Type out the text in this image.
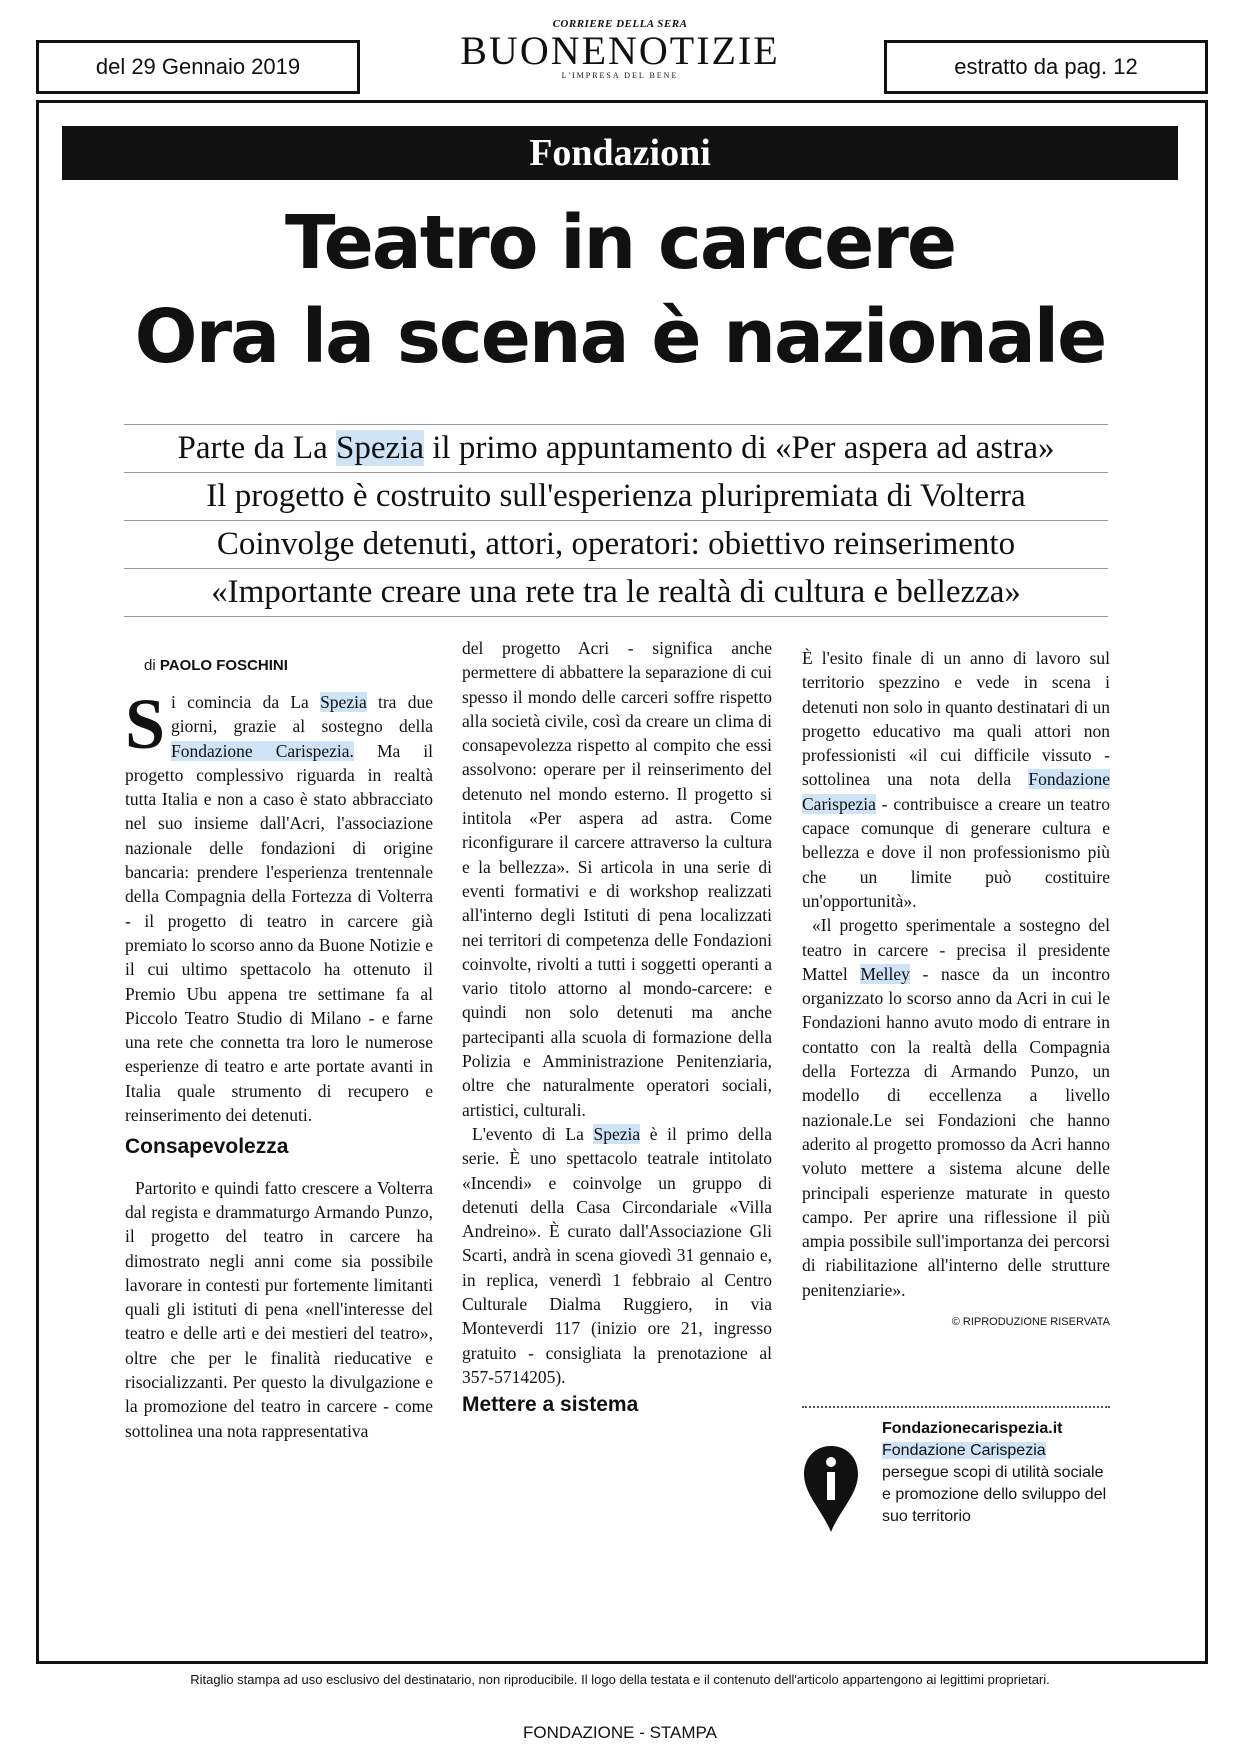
del 29 Gennaio 2019
CORRIERE DELLA SERA
BUONENOTIZIE
L'IMPRESA DEL BENE	estratto da pag. 12
Fondazioni
Teatro in carcere
Ora la scena è nazionale
Parte da La Spezia il primo appuntamento di «Per aspera ad astra»
Il progetto è costruito sull'esperienza pluripremiata di Volterra
Coinvolge detenuti, attori, operatori: obiettivo reinserimento
«Importante creare una rete tra le realtà di cultura e bellezza»
di PAOLO FOSCHINI

Si comincia da La Spezia tra due giorni, grazie al sostegno della Fondazione Carispezia. Ma il progetto complessivo riguarda in realtà tutta Italia e non a caso è stato abbracciato nel suo insieme dall'Acri, l'associazione nazionale delle fondazioni di origine bancaria: prendere l'esperienza trentennale della Compagnia della Fortezza di Volterra - il progetto di teatro in carcere già premiato lo scorso anno da Buone Notizie e il cui ultimo spettacolo ha ottenuto il Premio Ubu appena tre settimane fa al Piccolo Teatro Studio di Milano - e farne una rete che connetta tra loro le numerose esperienze di teatro e arte portate avanti in Italia quale strumento di recupero e reinserimento dei detenuti.

Consapevolezza

Partorito e quindi fatto crescere a Volterra dal regista e drammaturgo Armando Punzo, il progetto del teatro in carcere ha dimostrato negli anni come sia possibile lavorare in contesti pur fortemente limitanti quali gli istituti di pena «nell'interesse del teatro e delle arti e dei mestieri del teatro», oltre che per le finalità rieducative e risocializzanti. Per questo la divulgazione e la promozione del teatro in carcere - come sottolinea una nota rappresentativa

del progetto Acri - significa anche permettere di abbattere la separazione di cui spesso il mondo delle carceri soffre rispetto alla società civile, così da creare un clima di consapevolezza rispetto al compito che essi assolvono: operare per il reinserimento del detenuto nel mondo esterno. Il progetto si intitola «Per aspera ad astra. Come riconfigurare il carcere attraverso la cultura e la bellezza». Si articola in una serie di eventi formativi e di workshop realizzati all'interno degli Istituti di pena localizzati nei territori di competenza delle Fondazioni coinvolte, rivolti a tutti i soggetti operanti a vario titolo attorno al mondo-carcere: e quindi non solo detenuti ma anche partecipanti alla scuola di formazione della Polizia e Amministrazione Penitenziaria, oltre che naturalmente operatori sociali, artistici, culturali.

L'evento di La Spezia è il primo della serie. È uno spettacolo teatrale intitolato «Incendi» e coinvolge un gruppo di detenuti della Casa Circondariale «Villa Andreino». È curato dall'Associazione Gli Scarti, andrà in scena giovedì 31 gennaio e, in replica, venerdì 1 febbraio al Centro Culturale Dialma Ruggiero, in via Monteverdi 117 (inizio ore 21, ingresso gratuito - consigliata la prenotazione al 357-5714205).

Mettere a sistema

È l'esito finale di un anno di lavoro sul territorio spezzino e vede in scena i detenuti non solo in quanto destinatari di un progetto educativo ma quali attori non professionisti «il cui difficile vissuto - sottolinea una nota della Fondazione Carispezia - contribuisce a creare un teatro capace comunque di generare cultura e bellezza e dove il non professionismo più che un limite può costituire un'opportunità».

«Il progetto sperimentale a sostegno del teatro in carcere - precisa il presidente Mattel Melley - nasce da un incontro organizzato lo scorso anno da Acri in cui le Fondazioni hanno avuto modo di entrare in contatto con la realtà della Compagnia della Fortezza di Armando Punzo, un modello di eccellenza a livello nazionale.Le sei Fondazioni che hanno aderito al progetto promosso da Acri hanno voluto mettere a sistema alcune delle principali esperienze maturate in questo campo. Per aprire una riflessione il più ampia possibile sull'importanza dei percorsi di riabilitazione all'interno delle strutture penitenziarie».

© RIPRODUZIONE RISERVATA
Fondazionecarispezia.it
Fondazione Carispezia
persegue scopi di utilità sociale e promozione dello sviluppo del suo territorio
Ritaglio stampa ad uso esclusivo del destinatario, non riproducibile. Il logo della testata e il contenuto dell'articolo appartengono ai legittimi proprietari.
FONDAZIONE - STAMPA
